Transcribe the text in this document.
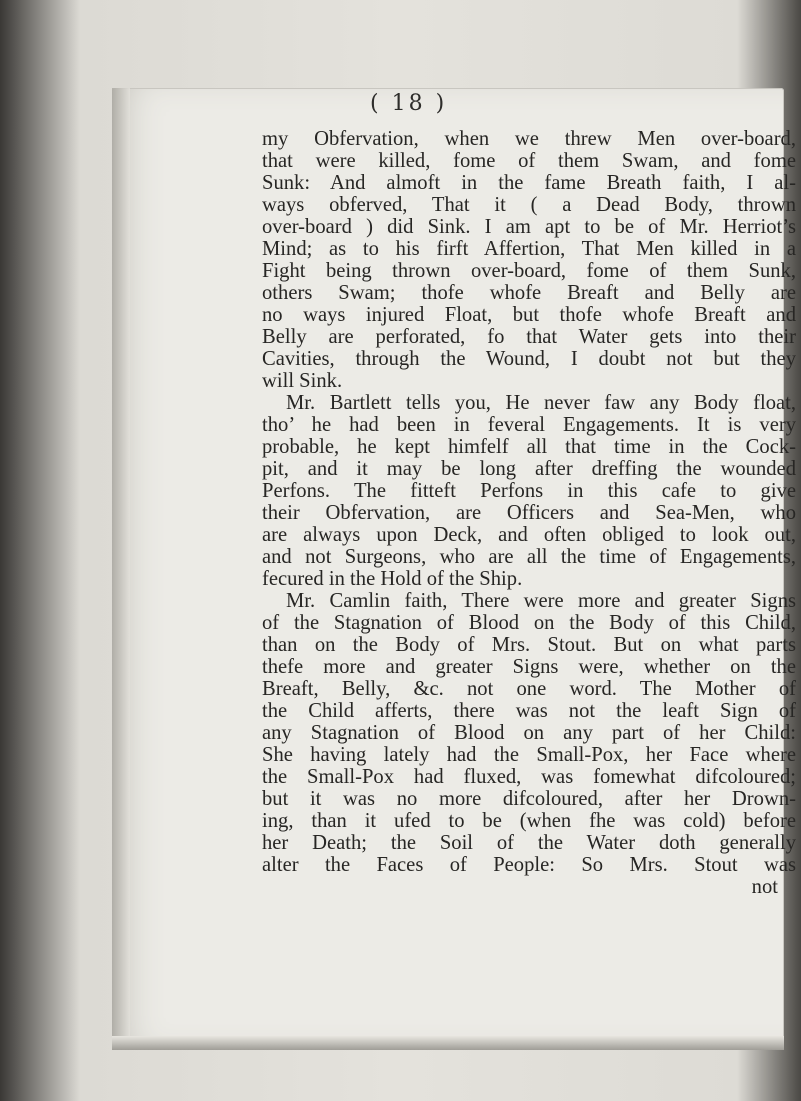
( 18 )
my Obfervation, when we threw Men over-board,
that were killed, fome of them Swam, and fome
Sunk: And almoft in the fame Breath faith, I al-
ways obferved, That it ( a Dead Body, thrown
over-board ) did Sink. I am apt to be of Mr. Herriot’s
Mind; as to his firft Affertion, That Men killed in a
Fight being thrown over-board, fome of them Sunk,
others Swam; thofe whofe Breaft and Belly are
no ways injured Float, but thofe whofe Breaft and
Belly are perforated, fo that Water gets into their
Cavities, through the Wound, I doubt not but they
will Sink.
Mr. Bartlett tells you, He never faw any Body float,
tho’ he had been in feveral Engagements. It is very
probable, he kept himfelf all that time in the Cock-
pit, and it may be long after dreffing the wounded
Perfons. The fitteft Perfons in this cafe to give
their Obfervation, are Officers and Sea-Men, who
are always upon Deck, and often obliged to look out,
and not Surgeons, who are all the time of Engagements,
fecured in the Hold of the Ship.
Mr. Camlin faith, There were more and greater Signs
of the Stagnation of Blood on the Body of this Child,
than on the Body of Mrs. Stout. But on what parts
thefe more and greater Signs were, whether on the
Breaft, Belly, &c. not one word. The Mother of
the Child afferts, there was not the leaft Sign of
any Stagnation of Blood on any part of her Child:
She having lately had the Small-Pox, her Face where
the Small-Pox had fluxed, was fomewhat difcoloured;
but it was no more difcoloured, after her Drown-
ing, than it ufed to be (when fhe was cold) before
her Death; the Soil of the Water doth generally
alter the Faces of People: So Mrs. Stout was
not
